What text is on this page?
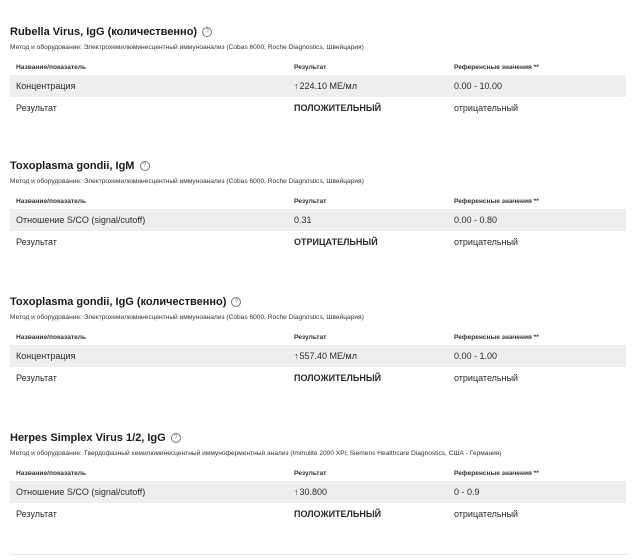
Rubella Virus, IgG (количественно) ?
Метод и оборудование: Электрохемилюминесцентный иммуноанализ (Cobas 6000, Roche Diagnostics, Швейцария)
Название/показатель	Результат	Референсные значения **
Концентрация	↑224.10 МЕ/мл	0.00 - 10.00
Результат	ПОЛОЖИТЕЛЬНЫЙ	отрицательный
Toxoplasma gondii, IgM ?
Метод и оборудование: Электрохемилюминесцентный иммуноанализ (Cobas 6000, Roche Diagnostics, Швейцария)
Название/показатель	Результат	Референсные значения **
Отношение S/CO (signal/cutoff)	0.31	0.00 - 0.80
Результат	ОТРИЦАТЕЛЬНЫЙ	отрицательный
Toxoplasma gondii, IgG (количественно) ?
Метод и оборудование: Электрохемилюминесцентный иммуноанализ (Cobas 6000, Roche Diagnostics, Швейцария)
Название/показатель	Результат	Референсные значения **
Концентрация	↑557.40 МЕ/мл	0.00 - 1.00
Результат	ПОЛОЖИТЕЛЬНЫЙ	отрицательный
Herpes Simplex Virus 1/2, IgG ?
Метод и оборудование: Твердофазный хемилюминесцентный иммуноферментный анализ (Immulite 2000 XPi, Siemens Healthcare Diagnostics, США - Германия)
Название/показатель	Результат	Референсные значения **
Отношение S/CO (signal/cutoff)	↑30.800	0 - 0.9
Результат	ПОЛОЖИТЕЛЬНЫЙ	отрицательный
